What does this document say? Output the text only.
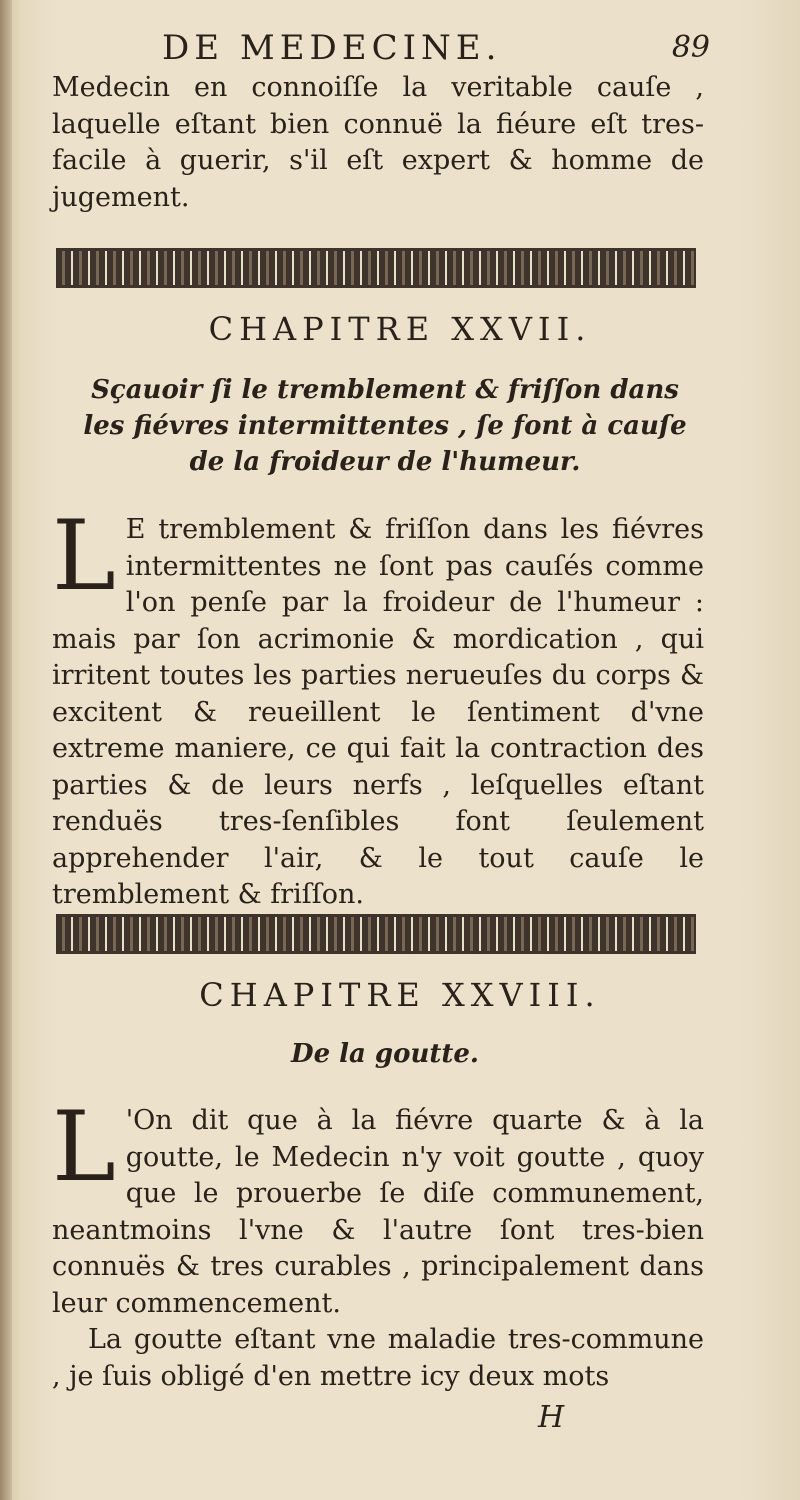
DE MEDECINE.	89

Medecin en connoiſſe la veritable cauſe , laquelle eſtant bien connuë la fiéure eſt tres-facile à guerir, s'il eſt expert & homme de jugement.

CHAPITRE XXVII.
Sçauoir ſi le tremblement & friſſon dans les fiévres intermittentes , ſe font à cauſe de la froideur de l'humeur.
L E tremblement & friſſon dans les fiévres intermittentes ne ſont pas cauſés comme l'on penſe par la froideur de l'humeur : mais par ſon acrimonie & mordication , qui irritent toutes les parties nerueuſes du corps & excitent & reueillent le ſentiment d'vne extreme maniere, ce qui fait la contraction des parties & de leurs nerfs , leſquelles eſtant renduës tres-ſenſibles font ſeulement apprehender l'air, & le tout cauſe le tremblement & friſſon.

CHAPITRE XXVIII.
De la goutte.
L 'On dit que à la fiévre quarte & à la goutte, le Medecin n'y voit goutte , quoy que le prouerbe ſe diſe communement, neantmoins l'vne & l'autre ſont tres-bien connuës & tres curables , principalement dans leur commencement.

La goutte eſtant vne maladie tres-commune , je ſuis obligé d'en mettre icy deux mots

H
